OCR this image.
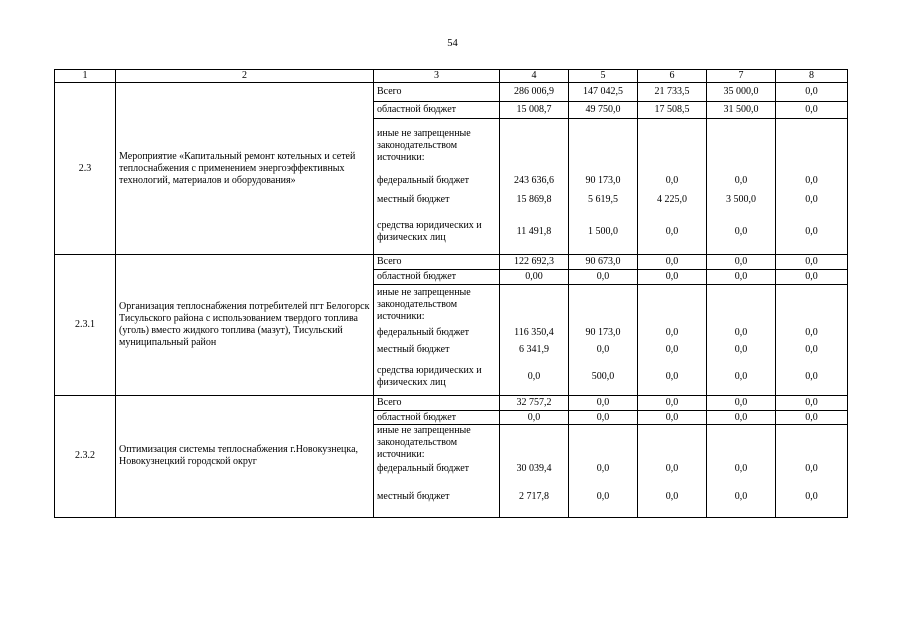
54
1	2	3	4	5	6	7	8
2.3	Мероприятие «Капитальный ремонт котельных и сетей теплоснабжения с применением энергоэффективных технологий, материалов и оборудования»	Всего	286 006,9	147 042,5	21 733,5	35 000,0	0,0
		областной бюджет	15 008,7	49 750,0	17 508,5	31 500,0	0,0
		иные не запрещенные законодательством источники:					
		федеральный бюджет	243 636,6	90 173,0	0,0	0,0	0,0
		местный бюджет	15 869,8	5 619,5	4 225,0	3 500,0	0,0
		средства юридических и физических лиц	11 491,8	1 500,0	0,0	0,0	0,0
2.3.1	Организация теплоснабжения потребителей пгт Белогорск Тисульского района с использованием твердого топлива (уголь) вместо жидкого топлива (мазут), Тисульский муниципальный район	Всего	122 692,3	90 673,0	0,0	0,0	0,0
		областной бюджет	0,00	0,0	0,0	0,0	0,0
		иные не запрещенные законодательством источники:					
		федеральный бюджет	116 350,4	90 173,0	0,0	0,0	0,0
		местный бюджет	6 341,9	0,0	0,0	0,0	0,0
		средства юридических и физических лиц	0,0	500,0	0,0	0,0	0,0
2.3.2	Оптимизация системы теплоснабжения г.Новокузнецка, Новокузнецкий городской округ	Всего	32 757,2	0,0	0,0	0,0	0,0
		областной бюджет	0,0	0,0	0,0	0,0	0,0
		иные не запрещенные законодательством источники:					
		федеральный бюджет	30 039,4	0,0	0,0	0,0	0,0
		местный бюджет	2 717,8	0,0	0,0	0,0	0,0
